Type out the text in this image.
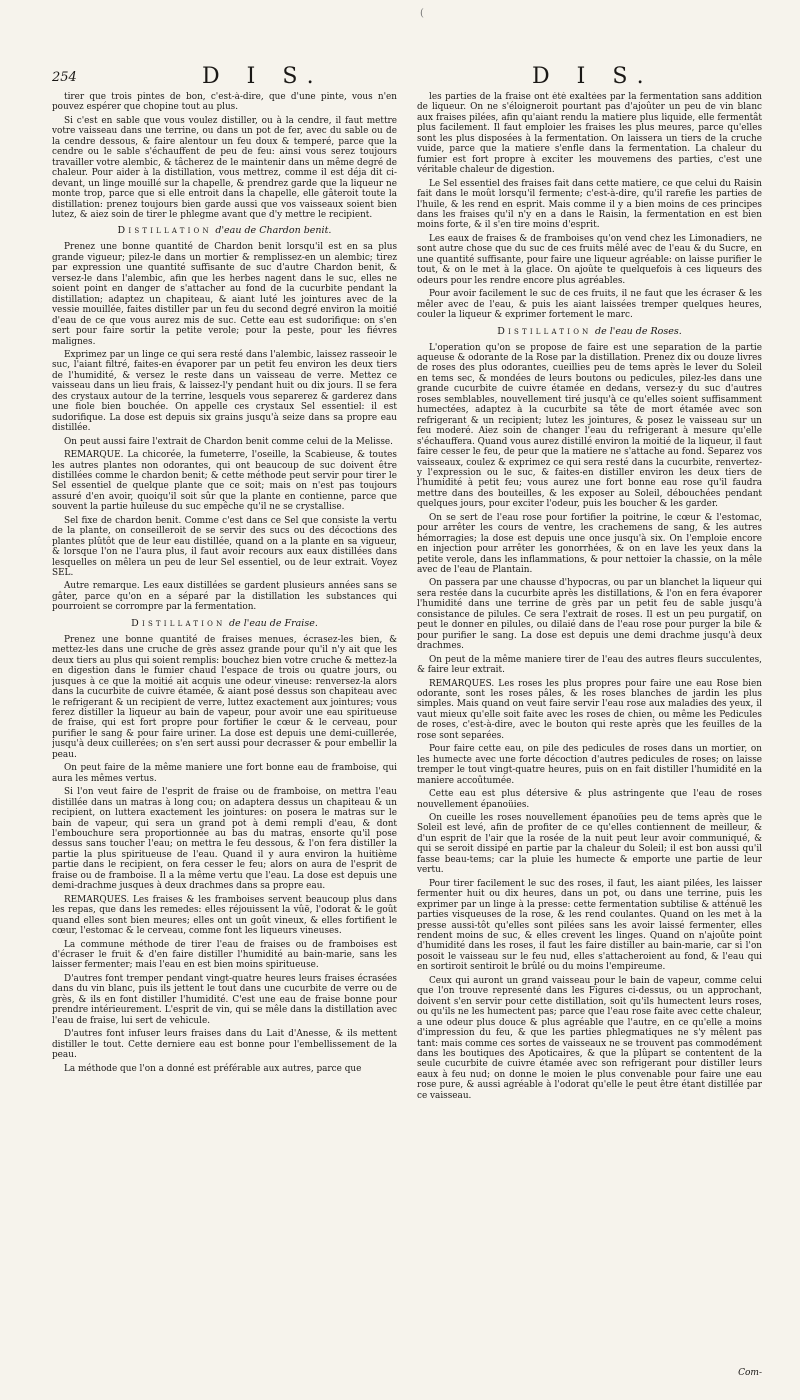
(
254	D I S.	D I S.

tirer que trois pintes de bon, c'est-à-dire, que d'une pinte, vous n'en pouvez espérer que chopine tout au plus.

Si c'est en sable que vous voulez distiller, ou à la cendre, il faut mettre votre vaisseau dans une terrine, ou dans un pot de fer, avec du sable ou de la cendre dessous, & faire alentour un feu doux & temperé, parce que la cendre ou le sable s'échauffent de peu de feu: ainsi vous serez toujours travailler votre alembic, & tâcherez de le maintenir dans un même degré de chaleur. Pour aider à la distillation, vous mettrez, comme il est déja dit ci-devant, un linge mouillé sur la chapelle, & prendrez garde que la liqueur ne monte trop, parce que si elle entroit dans la chapelle, elle gâteroit toute la distillation: prenez toujours bien garde aussi que vos vaisseaux soient bien lutez, & aiez soin de tirer le phlegme avant que d'y mettre le recipient.

Distillation d'eau de Chardon benit.

Prenez une bonne quantité de Chardon benit lorsqu'il est en sa plus grande vigueur; pilez-le dans un mortier & remplissez-en un alembic; tirez par expression une quantité suffisante de suc d'autre Chardon benit, & versez-le dans l'alembic, afin que les herbes nagent dans le suc, elles ne soient point en danger de s'attacher au fond de la cucurbite pendant la distillation; adaptez un chapiteau, & aiant luté les jointures avec de la vessie mouillée, faites distiller par un feu du second degré environ la moitié d'eau de ce que vous aurez mis de suc. Cette eau est sudorifique: on s'en sert pour faire sortir la petite verole; pour la peste, pour les fiévres malignes.

Exprimez par un linge ce qui sera resté dans l'alembic, laissez rasseoir le suc, l'aiant filtré, faites-en évaporer par un petit feu environ les deux tiers de l'humidité, & versez le reste dans un vaisseau de verre. Mettez ce vaisseau dans un lieu frais, & laissez-l'y pendant huit ou dix jours. Il se fera des crystaux autour de la terrine, lesquels vous separerez & garderez dans une fiole bien bouchée. On appelle ces crystaux Sel essentiel: il est sudorifique. La dose est depuis six grains jusqu'à seize dans sa propre eau distillée.

On peut aussi faire l'extrait de Chardon benit comme celui de la Melisse.

REMARQUE. La chicorée, la fumeterre, l'oseille, la Scabieuse, & toutes les autres plantes non odorantes, qui ont beaucoup de suc doivent être distillées comme le chardon benit; & cette méthode peut servir pour tirer le Sel essentiel de quelque plante que ce soit; mais on n'est pas toujours assuré d'en avoir, quoiqu'il soit sûr que la plante en contienne, parce que souvent la partie huileuse du suc empêche qu'il ne se crystallise.

Sel fixe de chardon benit. Comme c'est dans ce Sel que consiste la vertu de la plante, on conseilleroit de se servir des sucs ou des décoctions des plantes plûtôt que de leur eau distillée, quand on a la plante en sa vigueur, & lorsque l'on ne l'aura plus, il faut avoir recours aux eaux distillées dans lesquelles on mêlera un peu de leur Sel essentiel, ou de leur extrait. Voyez SEL.

Autre remarque. Les eaux distillées se gardent plusieurs années sans se gâter, parce qu'on en a séparé par la distillation les substances qui pourroient se corrompre par la fermentation.

Distillation de l'eau de Fraise.

Prenez une bonne quantité de fraises menues, écrasez-les bien, & mettez-les dans une cruche de grès assez grande pour qu'il n'y ait que les deux tiers au plus qui soient remplis: bouchez bien votre cruche & mettez-la en digestion dans le fumier chaud l'espace de trois ou quatre jours, ou jusques à ce que la moitié ait acquis une odeur vineuse: renversez-la alors dans la cucurbite de cuivre étamée, & aiant posé dessus son chapiteau avec le refrigerant & un recipient de verre, luttez exactement aux jointures; vous ferez distiller la liqueur au bain de vapeur, pour avoir une eau spiritueuse de fraise, qui est fort propre pour fortifier le cœur & le cerveau, pour purifier le sang & pour faire uriner. La dose est depuis une demi-cuillerée, jusqu'à deux cuillerées; on s'en sert aussi pour decrasser & pour embellir la peau.

On peut faire de la même maniere une fort bonne eau de framboise, qui aura les mêmes vertus.

Si l'on veut faire de l'esprit de fraise ou de framboise, on mettra l'eau distillée dans un matras à long cou; on adaptera dessus un chapiteau & un recipient, on luttera exactement les jointures: on posera le matras sur le bain de vapeur, qui sera un grand pot à demi rempli d'eau, & dont l'embouchure sera proportionnée au bas du matras, ensorte qu'il pose dessus sans toucher l'eau; on mettra le feu dessous, & l'on fera distiller la partie la plus spiritueuse de l'eau. Quand il y aura environ la huitième partie dans le recipient, on fera cesser le feu; alors on aura de l'esprit de fraise ou de framboise. Il a la même vertu que l'eau. La dose est depuis une demi-drachme jusques à deux drachmes dans sa propre eau.

REMARQUES. Les fraises & les framboises servent beaucoup plus dans les repas, que dans les remedes: elles réjouissent la vûë, l'odorat & le goût quand elles sont bien meures; elles ont un goût vineux, & elles fortifient le cœur, l'estomac & le cerveau, comme font les liqueurs vineuses.

La commune méthode de tirer l'eau de fraises ou de framboises est d'écraser le fruit & d'en faire distiller l'humidité au bain-marie, sans les laisser fermenter; mais l'eau en est bien moins spiritueuse.

D'autres font tremper pendant vingt-quatre heures leurs fraises écrasées dans du vin blanc, puis ils jettent le tout dans une cucurbite de verre ou de grès, & ils en font distiller l'humidité. C'est une eau de fraise bonne pour prendre intérieurement. L'esprit de vin, qui se mêle dans la distillation avec l'eau de fraise, lui sert de vehicule.

D'autres font infuser leurs fraises dans du Lait d'Anesse, & ils mettent distiller le tout. Cette derniere eau est bonne pour l'embellissement de la peau.

La méthode que l'on a donné est préférable aux autres, parce que

les parties de la fraise ont été exaltées par la fermentation sans addition de liqueur. On ne s'éloigneroit pourtant pas d'ajoûter un peu de vin blanc aux fraises pilées, afin qu'aiant rendu la matiere plus liquide, elle fermentât plus facilement. Il faut emploier les fraises les plus meures, parce qu'elles sont les plus disposées à la fermentation. On laissera un tiers de la cruche vuide, parce que la matiere s'enfle dans la fermentation. La chaleur du fumier est fort propre à exciter les mouvemens des parties, c'est une véritable chaleur de digestion.

Le Sel essentiel des fraises fait dans cette matiere, ce que celui du Raisin fait dans le moût lorsqu'il fermente; c'est-à-dire, qu'il rarefie les parties de l'huile, & les rend en esprit. Mais comme il y a bien moins de ces principes dans les fraises qu'il n'y en a dans le Raisin, la fermentation en est bien moins forte, & il s'en tire moins d'esprit.

Les eaux de fraises & de framboises qu'on vend chez les Limonadiers, ne sont autre chose que du suc de ces fruits mêlé avec de l'eau & du Sucre, en une quantité suffisante, pour faire une liqueur agréable: on laisse purifier le tout, & on le met à la glace. On ajoûte te quelquefois à ces liqueurs des odeurs pour les rendre encore plus agréables.

Pour avoir facilement le suc de ces fruits, il ne faut que les écraser & les mêler avec de l'eau, & puis les aiant laissées tremper quelques heures, couler la liqueur & exprimer fortement le marc.

Distillation de l'eau de Roses.

L'operation qu'on se propose de faire est une separation de la partie aqueuse & odorante de la Rose par la distillation. Prenez dix ou douze livres de roses des plus odorantes, cueillies peu de tems après le lever du Soleil en tems sec, & mondées de leurs boutons ou pedicules, pilez-les dans une grande cucurbite de cuivre étamée en dedans, versez-y du suc d'autres roses semblables, nouvellement tiré jusqu'à ce qu'elles soient suffisamment humectées, adaptez à la cucurbite sa tête de mort étamée avec son refrigerant & un recipient; lutez les jointures, & posez le vaisseau sur un feu moderé. Aiez soin de changer l'eau du refrigerant à mesure qu'elle s'échauffera. Quand vous aurez distillé environ la moitié de la liqueur, il faut faire cesser le feu, de peur que la matiere ne s'attache au fond. Separez vos vaisseaux, coulez & exprimez ce qui sera resté dans la cucurbite, renvertez-y l'expression ou le suc, & faites-en distiller environ les deux tiers de l'humidité à petit feu; vous aurez une fort bonne eau rose qu'il faudra mettre dans des bouteilles, & les exposer au Soleil, débouchées pendant quelques jours, pour exciter l'odeur, puis les boucher & les garder.

On se sert de l'eau rose pour fortifier la poitrine, le cœur & l'estomac, pour arrêter les cours de ventre, les crachemens de sang, & les autres hémorragies; la dose est depuis une once jusqu'à six. On l'emploie encore en injection pour arrêter les gonorrhées, & on en lave les yeux dans la petite verole, dans les inflammations, & pour nettoier la chassie, on la mêle avec de l'eau de Plantain.

On passera par une chausse d'hypocras, ou par un blanchet la liqueur qui sera restée dans la cucurbite après les distillations, & l'on en fera évaporer l'humidité dans une terrine de grès par un petit feu de sable jusqu'à consistance de pilules. Ce sera l'extrait de roses. Il est un peu purgatif, on peut le donner en pilules, ou dilaié dans de l'eau rose pour purger la bile & pour purifier le sang. La dose est depuis une demi drachme jusqu'à deux drachmes.

On peut de la même maniere tirer de l'eau des autres fleurs succulentes, & faire leur extrait.

REMARQUES. Les roses les plus propres pour faire une eau Rose bien odorante, sont les roses pâles, & les roses blanches de jardin les plus simples. Mais quand on veut faire servir l'eau rose aux maladies des yeux, il vaut mieux qu'elle soit faite avec les roses de chien, ou même les Pedicules de roses, c'est-à-dire, avec le bouton qui reste après que les feuilles de la rose sont separées.

Pour faire cette eau, on pile des pedicules de roses dans un mortier, on les humecte avec une forte décoction d'autres pedicules de roses; on laisse tremper le tout vingt-quatre heures, puis on en fait distiller l'humidité en la maniere accoûtumée.

Cette eau est plus détersive & plus astringente que l'eau de roses nouvellement épanoüies.

On cueille les roses nouvellement épanoüies peu de tems après que le Soleil est levé, afin de profiter de ce qu'elles contiennent de meilleur, & d'un esprit de l'air que la rosée de la nuit peut leur avoir communiqué, & qui se seroit dissipé en partie par la chaleur du Soleil; il est bon aussi qu'il fasse beau-tems; car la pluie les humecte & emporte une partie de leur vertu.

Pour tirer facilement le suc des roses, il faut, les aiant pilées, les laisser fermenter huit ou dix heures, dans un pot, ou dans une terrine, puis les exprimer par un linge à la presse: cette fermentation subtilise & atténuë les parties visqueuses de la rose, & les rend coulantes. Quand on les met à la presse aussi-tôt qu'elles sont pilées sans les avoir laissé fermenter, elles rendent moins de suc, & elles crevent les linges. Quand on n'ajoûte point d'humidité dans les roses, il faut les faire distiller au bain-marie, car si l'on posoit le vaisseau sur le feu nud, elles s'attacheroient au fond, & l'eau qui en sortiroit sentiroit le brûlé ou du moins l'empireume.

Ceux qui auront un grand vaisseau pour le bain de vapeur, comme celui que l'on trouve representé dans les Figures ci-dessus, ou un approchant, doivent s'en servir pour cette distillation, soit qu'ils humectent leurs roses, ou qu'ils ne les humectent pas; parce que l'eau rose faite avec cette chaleur, a une odeur plus douce & plus agréable que l'autre, en ce qu'elle a moins d'impression du feu, & que les parties phlegmatiques ne s'y mêlent pas tant: mais comme ces sortes de vaisseaux ne se trouvent pas commodément dans les boutiques des Apoticaires, & que la plûpart se contentent de la seule cucurbite de cuivre étamée avec son refrigerant pour distiller leurs eaux à feu nud; on donne le moien le plus convenable pour faire une eau rose pure, & aussi agréable à l'odorat qu'elle le peut être étant distillée par ce vaisseau.

Com-
